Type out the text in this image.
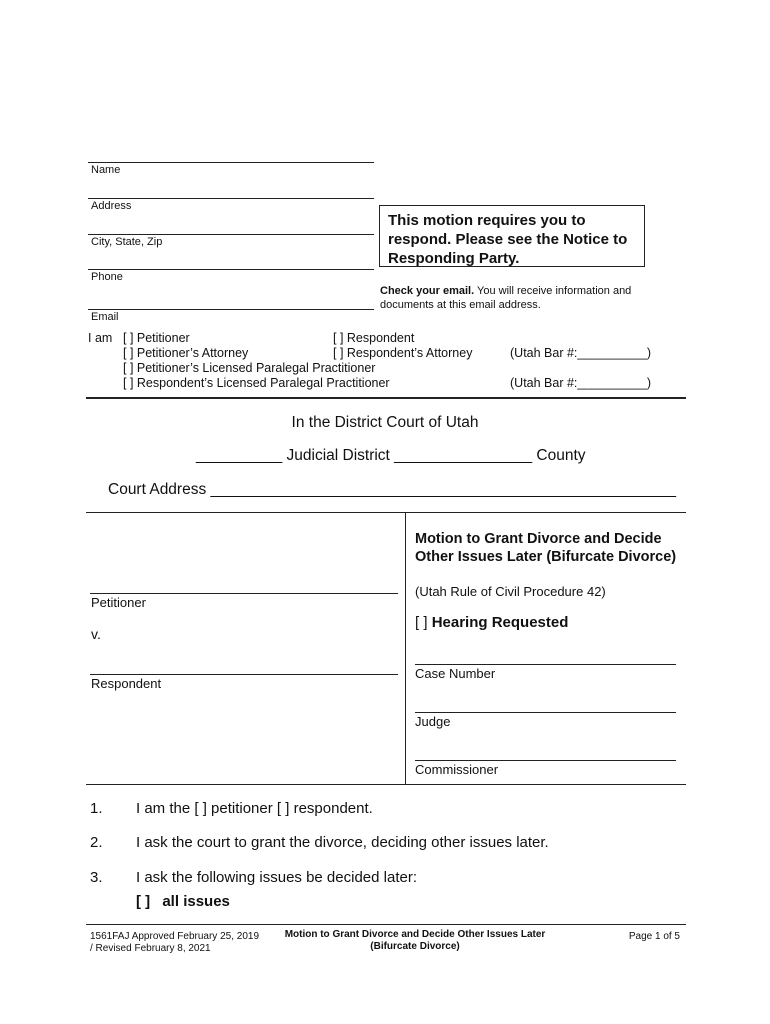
Name
Address
City, State, Zip
Phone
Email
This motion requires you to respond. Please see the Notice to Responding Party.
Check your email. You will receive information and documents at this email address.
I am [ ] Petitioner	[ ] Respondent
[ ] Petitioner’s Attorney	[ ] Respondent’s Attorney	(Utah Bar #:__________)
[ ] Petitioner’s Licensed Paralegal Practitioner
[ ] Respondent’s Licensed Paralegal Practitioner	(Utah Bar #:__________)
In the District Court of Utah
__________ Judicial District ________________ County
Court Address ______________________________________________________
Petitioner
v.
Respondent
Motion to Grant Divorce and Decide Other Issues Later (Bifurcate Divorce)
(Utah Rule of Civil Procedure 42)
[ ] Hearing Requested
Case Number
Judge
Commissioner
1. I am the [ ] petitioner [ ] respondent.
2. I ask the court to grant the divorce, deciding other issues later.
3. I ask the following issues be decided later:
[ ] all issues
1561FAJ Approved February 25, 2019
/ Revised February 8, 2021
Motion to Grant Divorce and Decide Other Issues Later
(Bifurcate Divorce)
Page 1 of 5
